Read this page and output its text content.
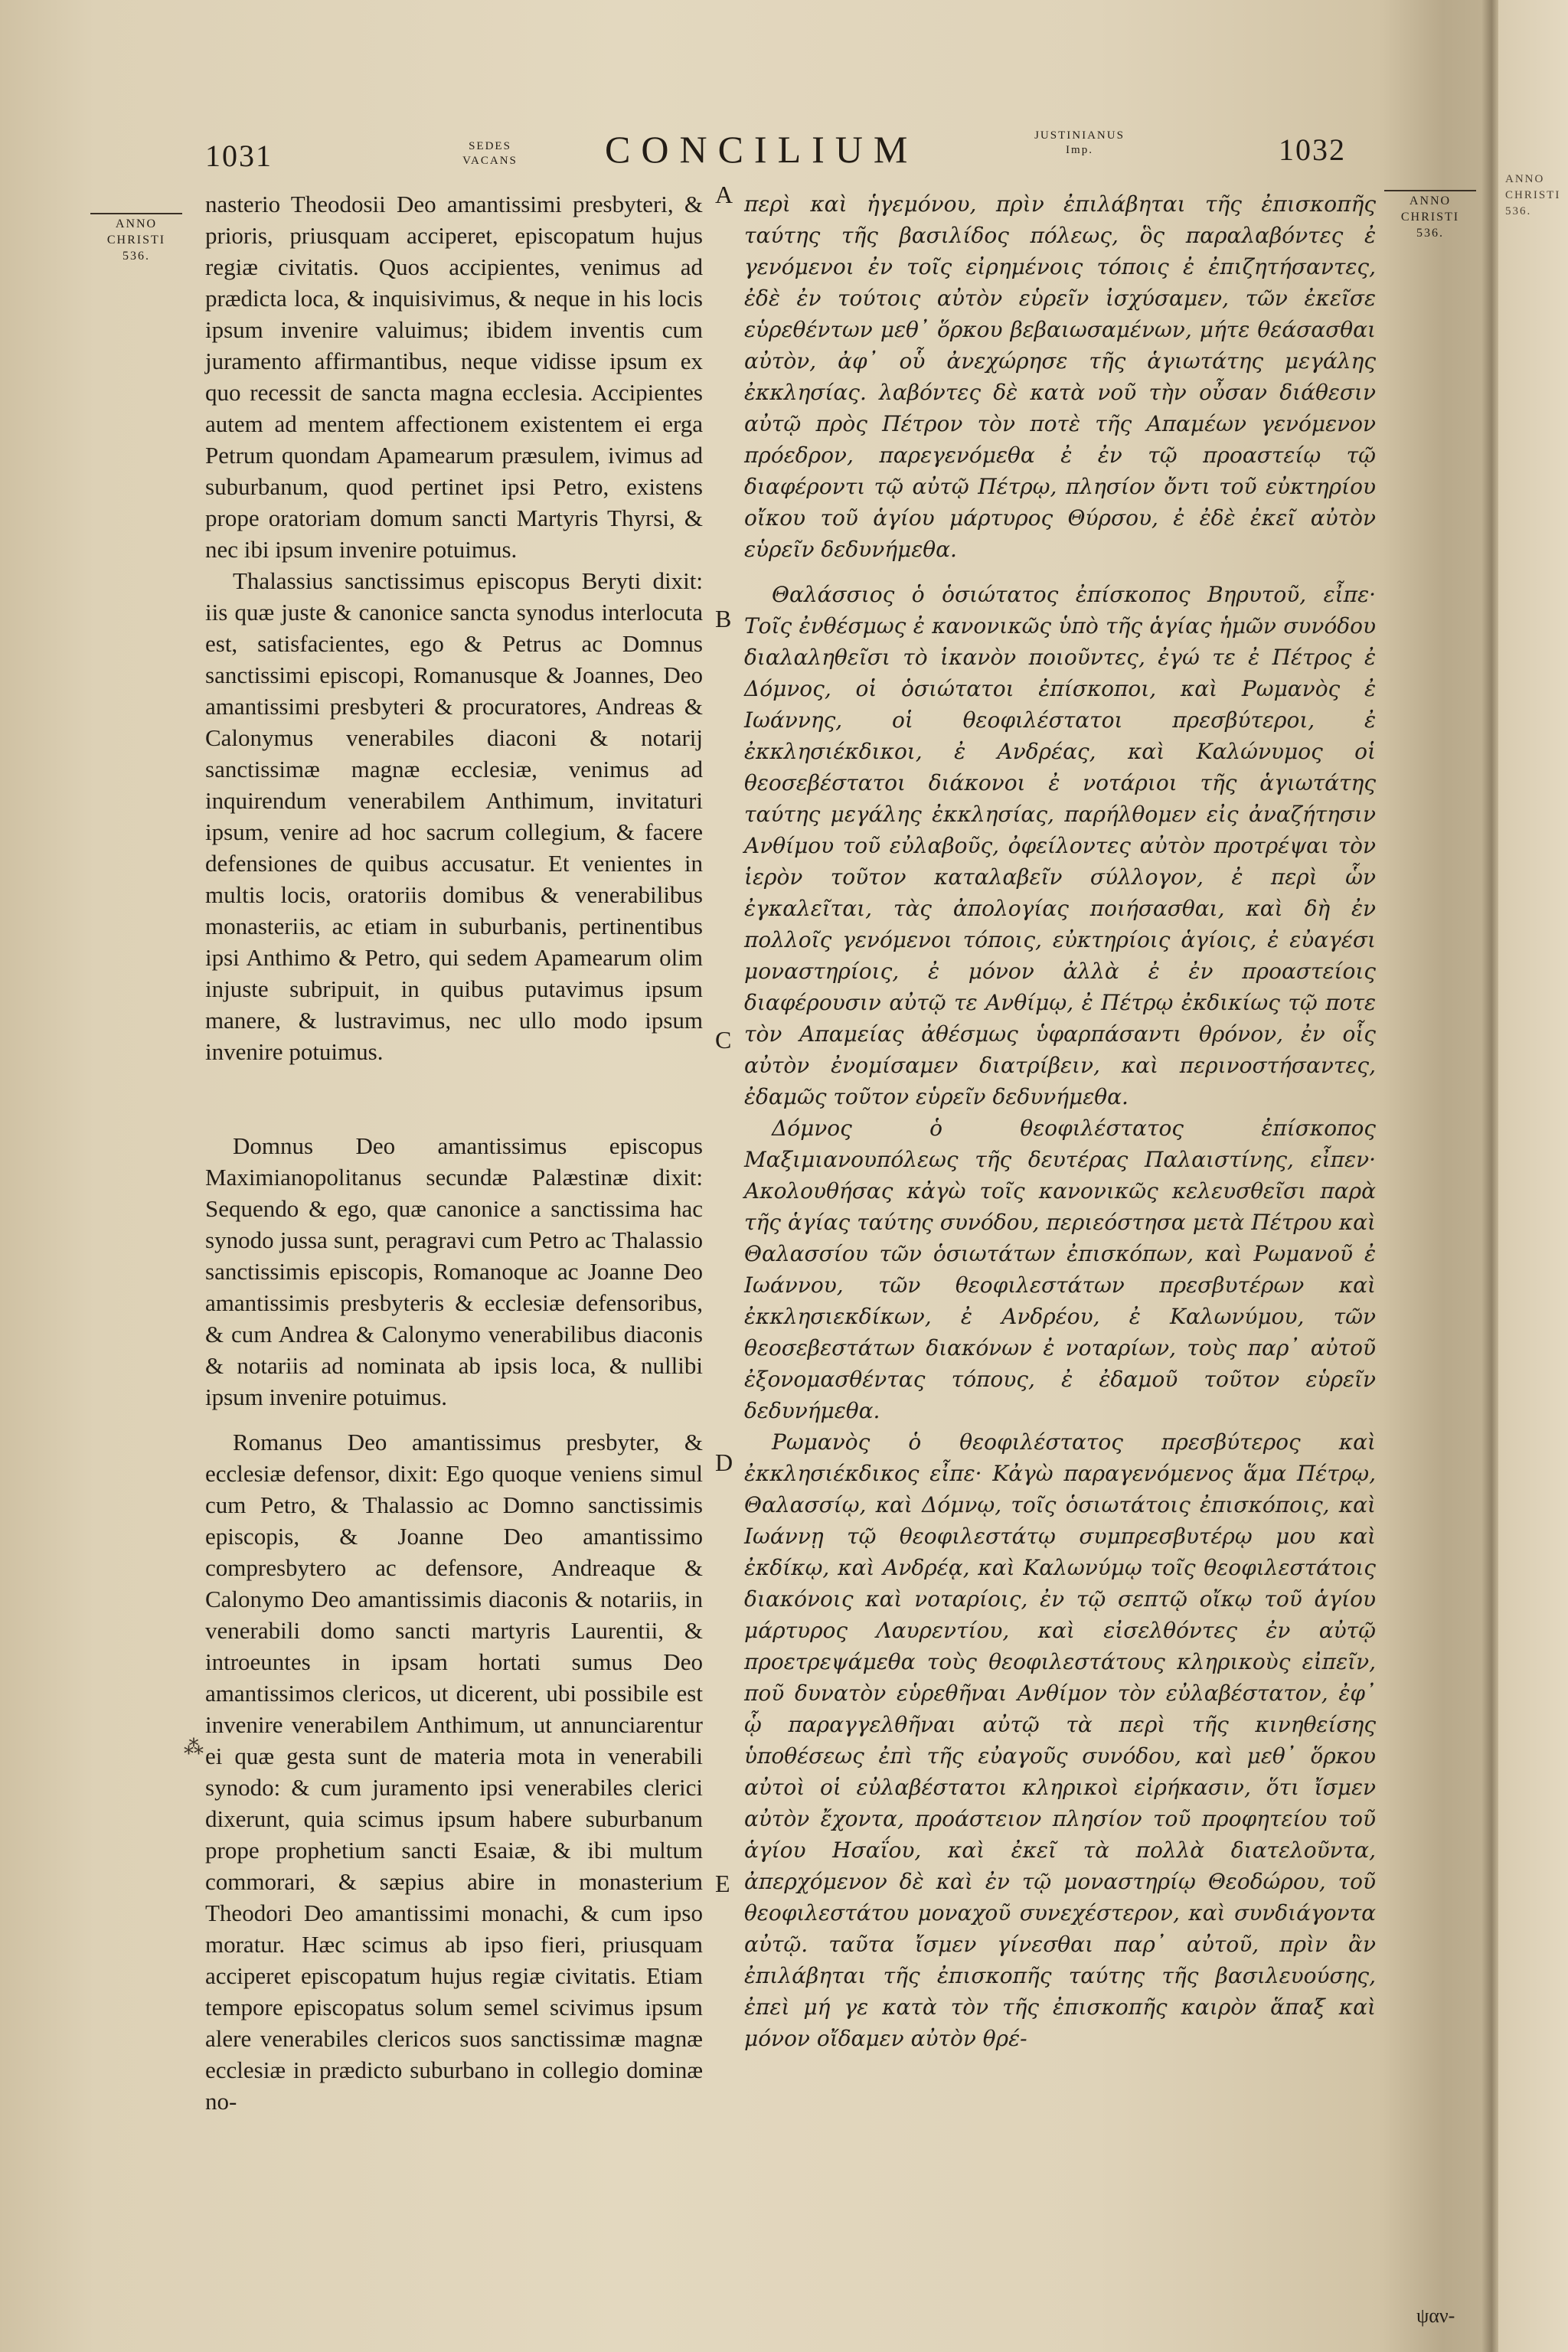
1031	SEDES
VACANS	CONCILIUM	JUSTINIANUS
Imp.	1032
ANNO
CHRISTI
536.
ANNO
CHRISTI
536.
ANNO
CHRISTI
536.

nasterio Theodosii Deo amantissimi presbyteri, & prioris, priusquam acciperet, episcopatum hujus regiæ civitatis. Quos accipientes, venimus ad prædicta loca, & inquisivimus, & neque in his locis ipsum invenire valuimus; ibidem inventis cum juramento affirmantibus, neque vidisse ipsum ex quo recessit de sancta magna ecclesia. Accipientes autem ad mentem affectionem existentem ei erga Petrum quondam Apamearum præsulem, ivimus ad suburbanum, quod pertinet ipsi Petro, existens prope oratoriam domum sancti Martyris Thyrsi, & nec ibi ipsum invenire potuimus.

Thalassius sanctissimus episcopus Beryti dixit: iis quæ juste & canonice sancta synodus interlocuta est, satisfacientes, ego & Petrus ac Domnus sanctissimi episcopi, Romanusque & Joannes, Deo amantissimi presbyteri & procuratores, Andreas & Calonymus venerabiles diaconi & notarij sanctissimæ magnæ ecclesiæ, venimus ad inquirendum venerabilem Anthimum, invitaturi ipsum, venire ad hoc sacrum collegium, & facere defensiones de quibus accusatur. Et venientes in multis locis, oratoriis domibus & venerabilibus monasteriis, ac etiam in suburbanis, pertinentibus ipsi Anthimo & Petro, qui sedem Apamearum olim injuste subripuit, in quibus putavimus ipsum manere, & lustravimus, nec ullo modo ipsum invenire potuimus.

Domnus Deo amantissimus episcopus Maximianopolitanus secundæ Palæstinæ dixit: Sequendo & ego, quæ canonice a sanctissima hac synodo jussa sunt, peragravi cum Petro ac Thalassio sanctissimis episcopis, Romanoque ac Joanne Deo amantissimis presbyteris & ecclesiæ defensoribus, & cum Andrea & Calonymo venerabilibus diaconis & notariis ad nominata ab ipsis loca, & nullibi ipsum invenire potuimus.

Romanus Deo amantissimus presbyter, & ecclesiæ defensor, dixit: Ego quoque veniens simul cum Petro, & Thalassio ac Domno sanctissimis episcopis, & Joanne Deo amantissimo compresbytero ac defensore, Andreaque & Calonymo Deo amantissimis diaconis & notariis, in venerabili domo sancti martyris Laurentii, & introeuntes in ipsam hortati sumus Deo amantissimos clericos, ut dicerent, ubi possibile est invenire venerabilem Anthimum, ut annunciarentur ei quæ gesta sunt de materia mota in venerabili synodo: & cum juramento ipsi venerabiles clerici dixerunt, quia scimus ipsum habere suburbanum prope prophetium sancti Esaiæ, & ibi multum commorari, & sæpius abire in monasterium Theodori Deo amantissimi monachi, & cum ipso moratur. Hæc scimus ab ipso fieri, priusquam acciperet episcopatum hujus regiæ civitatis. Etiam tempore episcopatus solum semel scivimus ipsum alere venerabiles clericos suos sanctissimæ magnæ ecclesiæ in prædicto suburbano in collegio dominæ no-

A
B
C
D
E
⁂

περὶ καὶ ἡγεμόνου, πρὶν ἐπιλάβηται τῆς ἐπισκοπῆς ταύτης τῆς βασιλίδος πόλεως, ὃς παραλαβόντες ἐ γενόμενοι ἐν τοῖς εἰρημένοις τόποις ἐ ἐπιζητήσαντες, ἐδὲ ἐν τούτοις αὐτὸν εὑρεῖν ἰσχύσαμεν, τῶν ἐκεῖσε εὑρεθέντων μεθ᾽ ὅρκου βεβαιωσαμένων, μήτε θεάσασθαι αὐτὸν, ἀφ᾽ οὗ ἀνεχώρησε τῆς ἁγιωτάτης μεγάλης ἐκκλησίας. λαβόντες δὲ κατὰ νοῦ τὴν οὖσαν διάθεσιν αὐτῷ πρὸς Πέτρον τὸν ποτὲ τῆς Απαμέων γενόμενον πρόεδρον, παρεγενόμεθα ἐ ἐν τῷ προαστείῳ τῷ διαφέροντι τῷ αὐτῷ Πέτρῳ, πλησίον ὄντι τοῦ εὐκτηρίου οἴκου τοῦ ἁγίου μάρτυρος Θύρσου, ἐ ἐδὲ ἐκεῖ αὐτὸν εὑρεῖν δεδυνήμεθα.

Θαλάσσιος ὁ ὁσιώτατος ἐπίσκοπος Βηρυτοῦ, εἶπε· Τοῖς ἐνθέσμως ἐ κανονικῶς ὑπὸ τῆς ἁγίας ἡμῶν συνόδου διαλαληθεῖσι τὸ ἱκανὸν ποιοῦντες, ἐγώ τε ἐ Πέτρος ἐ Δόμνος, οἱ ὁσιώτατοι ἐπίσκοποι, καὶ Ρωμανὸς ἐ Ιωάννης, οἱ θεοφιλέστατοι πρεσβύτεροι, ἐ ἐκκλησιέκδικοι, ἐ Ανδρέας, καὶ Καλώνυμος οἱ θεοσεβέστατοι διάκονοι ἐ νοτάριοι τῆς ἁγιωτάτης ταύτης μεγάλης ἐκκλησίας, παρήλθομεν εἰς ἀναζήτησιν Ανθίμου τοῦ εὐλαβοῦς, ὀφείλοντες αὐτὸν προτρέψαι τὸν ἱερὸν τοῦτον καταλαβεῖν σύλλογον, ἐ περὶ ὧν ἐγκαλεῖται, τὰς ἀπολογίας ποιήσασθαι, καὶ δὴ ἐν πολλοῖς γενόμενοι τόποις, εὐκτηρίοις ἁγίοις, ἐ εὐαγέσι μοναστηρίοις, ἐ μόνον ἀλλὰ ἐ ἐν προαστείοις διαφέρουσιν αὐτῷ τε Ανθίμῳ, ἐ Πέτρῳ ἐκδικίως τῷ ποτε τὸν Απαμείας ἀθέσμως ὑφαρπάσαντι θρόνον, ἐν οἷς αὐτὸν ἐνομίσαμεν διατρίβειν, καὶ περινοστήσαντες, ἐδαμῶς τοῦτον εὑρεῖν δεδυνήμεθα.

Δόμνος ὁ θεοφιλέστατος ἐπίσκοπος Μαξιμιανουπόλεως τῆς δευτέρας Παλαιστίνης, εἶπεν· Ακολουθήσας κἀγὼ τοῖς κανονικῶς κελευσθεῖσι παρὰ τῆς ἁγίας ταύτης συνόδου, περιεόστησα μετὰ Πέτρου καὶ Θαλασσίου τῶν ὁσιωτάτων ἐπισκόπων, καὶ Ρωμανοῦ ἐ Ιωάννου, τῶν θεοφιλεστάτων πρεσβυτέρων καὶ ἐκκλησιεκδίκων, ἐ Ανδρέου, ἐ Καλωνύμου, τῶν θεοσεβεστάτων διακόνων ἐ νοταρίων, τοὺς παρ᾽ αὐτοῦ ἐξονομασθέντας τόπους, ἐ ἐδαμοῦ τοῦτον εὑρεῖν δεδυνήμεθα.

Ρωμανὸς ὁ θεοφιλέστατος πρεσβύτερος καὶ ἐκκλησιέκδικος εἶπε· Κἀγὼ παραγενόμενος ἅμα Πέτρῳ, Θαλασσίῳ, καὶ Δόμνῳ, τοῖς ὁσιωτάτοις ἐπισκόποις, καὶ Ιωάννῃ τῷ θεοφιλεστάτῳ συμπρεσβυτέρῳ μου καὶ ἐκδίκῳ, καὶ Ανδρέᾳ, καὶ Καλωνύμῳ τοῖς θεοφιλεστάτοις διακόνοις καὶ νοταρίοις, ἐν τῷ σεπτῷ οἴκῳ τοῦ ἁγίου μάρτυρος Λαυρεντίου, καὶ εἰσελθόντες ἐν αὐτῷ προετρεψάμεθα τοὺς θεοφιλεστάτους κληρικοὺς εἰπεῖν, ποῦ δυνατὸν εὑρεθῆναι Ανθίμον τὸν εὐλαβέστατον, ἐφ᾽ ᾧ παραγγελθῆναι αὐτῷ τὰ περὶ τῆς κινηθείσης ὑποθέσεως ἐπὶ τῆς εὐαγοῦς συνόδου, καὶ μεθ᾽ ὅρκου αὐτοὶ οἱ εὐλαβέστατοι κληρικοὶ εἰρήκασιν, ὅτι ἴσμεν αὐτὸν ἔχοντα, προάστειον πλησίον τοῦ προφητείου τοῦ ἁγίου Ησαΐου, καὶ ἐκεῖ τὰ πολλὰ διατελοῦντα, ἀπερχόμενον δὲ καὶ ἐν τῷ μοναστηρίῳ Θεοδώρου, τοῦ θεοφιλεστάτου μοναχοῦ συνεχέστερον, καὶ συνδιάγοντα αὐτῷ. ταῦτα ἴσμεν γίνεσθαι παρ᾽ αὐτοῦ, πρὶν ἂν ἐπιλάβηται τῆς ἐπισκοπῆς ταύτης τῆς βασιλευούσης, ἐπεὶ μή γε κατὰ τὸν τῆς ἐπισκοπῆς καιρὸν ἅπαξ καὶ μόνον οἴδαμεν αὐτὸν θρέ-

ψαν-
